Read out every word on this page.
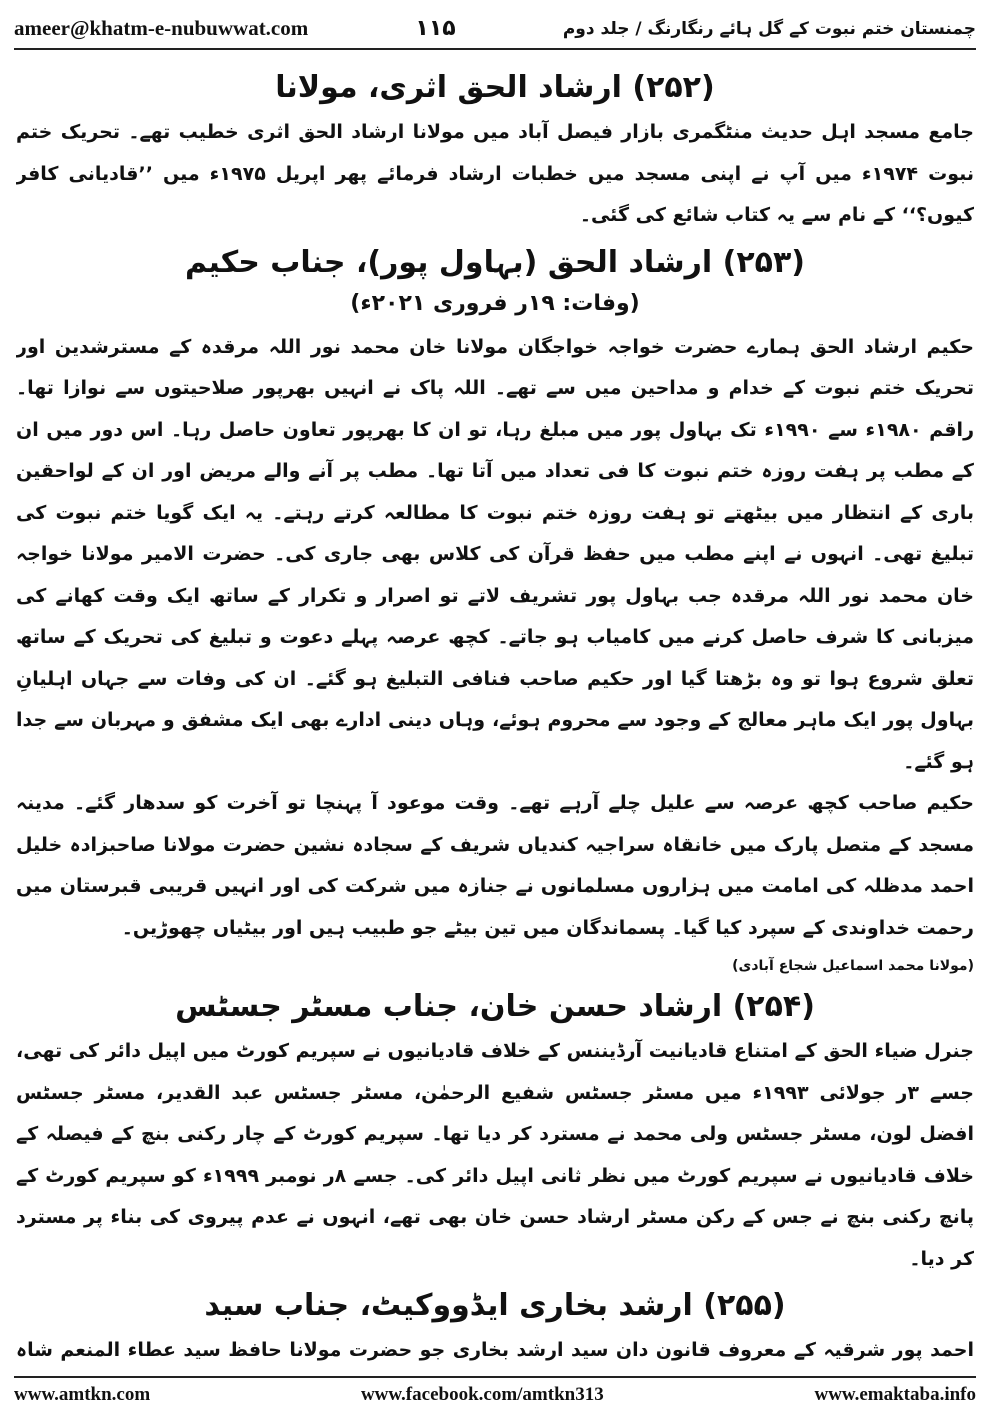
ameer@khatm-e-nubuwwat.com	۱۱۵	چمنستان ختم نبوت کے گل ہائے رنگارنگ / جلد دوم
(۲۵۲) ارشاد الحق اثری، مولانا

جامع مسجد اہل حدیث منٹگمری بازار فیصل آباد میں مولانا ارشاد الحق اثری خطیب تھے۔ تحریک ختم نبوت ۱۹۷۴ء میں آپ نے اپنی مسجد میں خطبات ارشاد فرمائے پھر اپریل ۱۹۷۵ء میں ’’قادیانی کافر کیوں؟‘‘ کے نام سے یہ کتاب شائع کی گئی۔

(۲۵۳) ارشاد الحق (بہاول پور)، جناب حکیم
(وفات: ۱۹ر فروری ۲۰۲۱ء)

حکیم ارشاد الحق ہمارے حضرت خواجہ خواجگان مولانا خان محمد نور اللہ مرقدہ کے مسترشدین اور تحریک ختم نبوت کے خدام و مداحین میں سے تھے۔ اللہ پاک نے انہیں بھرپور صلاحیتوں سے نوازا تھا۔ راقم ۱۹۸۰ء سے ۱۹۹۰ء تک بہاول پور میں مبلغ رہا، تو ان کا بھرپور تعاون حاصل رہا۔ اس دور میں ان کے مطب پر ہفت روزہ ختم نبوت کا فی تعداد میں آتا تھا۔ مطب پر آنے والے مریض اور ان کے لواحقین باری کے انتظار میں بیٹھتے تو ہفت روزہ ختم نبوت کا مطالعہ کرتے رہتے۔ یہ ایک گویا ختم نبوت کی تبلیغ تھی۔ انہوں نے اپنے مطب میں حفظ قرآن کی کلاس بھی جاری کی۔ حضرت الامیر مولانا خواجہ خان محمد نور اللہ مرقدہ جب بہاول پور تشریف لاتے تو اصرار و تکرار کے ساتھ ایک وقت کھانے کی میزبانی کا شرف حاصل کرنے میں کامیاب ہو جاتے۔ کچھ عرصہ پہلے دعوت و تبلیغ کی تحریک کے ساتھ تعلق شروع ہوا تو وہ بڑھتا گیا اور حکیم صاحب فنافی التبلیغ ہو گئے۔ ان کی وفات سے جہاں اہلیانِ بہاول پور ایک ماہر معالج کے وجود سے محروم ہوئے، وہاں دینی ادارے بھی ایک مشفق و مہربان سے جدا ہو گئے۔

حکیم صاحب کچھ عرصہ سے علیل چلے آرہے تھے۔ وقت موعود آ پہنچا تو آخرت کو سدھار گئے۔ مدینہ مسجد کے متصل پارک میں خانقاہ سراجیہ کندیاں شریف کے سجادہ نشین حضرت مولانا صاحبزادہ خلیل احمد مدظلہ کی امامت میں ہزاروں مسلمانوں نے جنازہ میں شرکت کی اور انہیں قریبی قبرستان میں رحمت خداوندی کے سپرد کیا گیا۔ پسماندگان میں تین بیٹے جو طبیب ہیں اور بیٹیاں چھوڑیں۔

(مولانا محمد اسماعیل شجاع آبادی)
(۲۵۴) ارشاد حسن خان، جناب مسٹر جسٹس

جنرل ضیاء الحق کے امتناع قادیانیت آرڈیننس کے خلاف قادیانیوں نے سپریم کورٹ میں اپیل دائر کی تھی، جسے ۳ر جولائی ۱۹۹۳ء میں مسٹر جسٹس شفیع الرحمٰن، مسٹر جسٹس عبد القدیر، مسٹر جسٹس افضل لون، مسٹر جسٹس ولی محمد نے مسترد کر دیا تھا۔ سپریم کورٹ کے چار رکنی بنچ کے فیصلہ کے خلاف قادیانیوں نے سپریم کورٹ میں نظر ثانی اپیل دائر کی۔ جسے ۸ر نومبر ۱۹۹۹ء کو سپریم کورٹ کے پانچ رکنی بنچ نے جس کے رکن مسٹر ارشاد حسن خان بھی تھے، انہوں نے عدم پیروی کی بناء پر مسترد کر دیا۔

(۲۵۵) ارشد بخاری ایڈووکیٹ، جناب سید

احمد پور شرقیہ کے معروف قانون دان سید ارشد بخاری جو حضرت مولانا حافظ سید عطاء المنعم شاہ

www.amtkn.com	www.facebook.com/amtkn313	www.emaktaba.info
